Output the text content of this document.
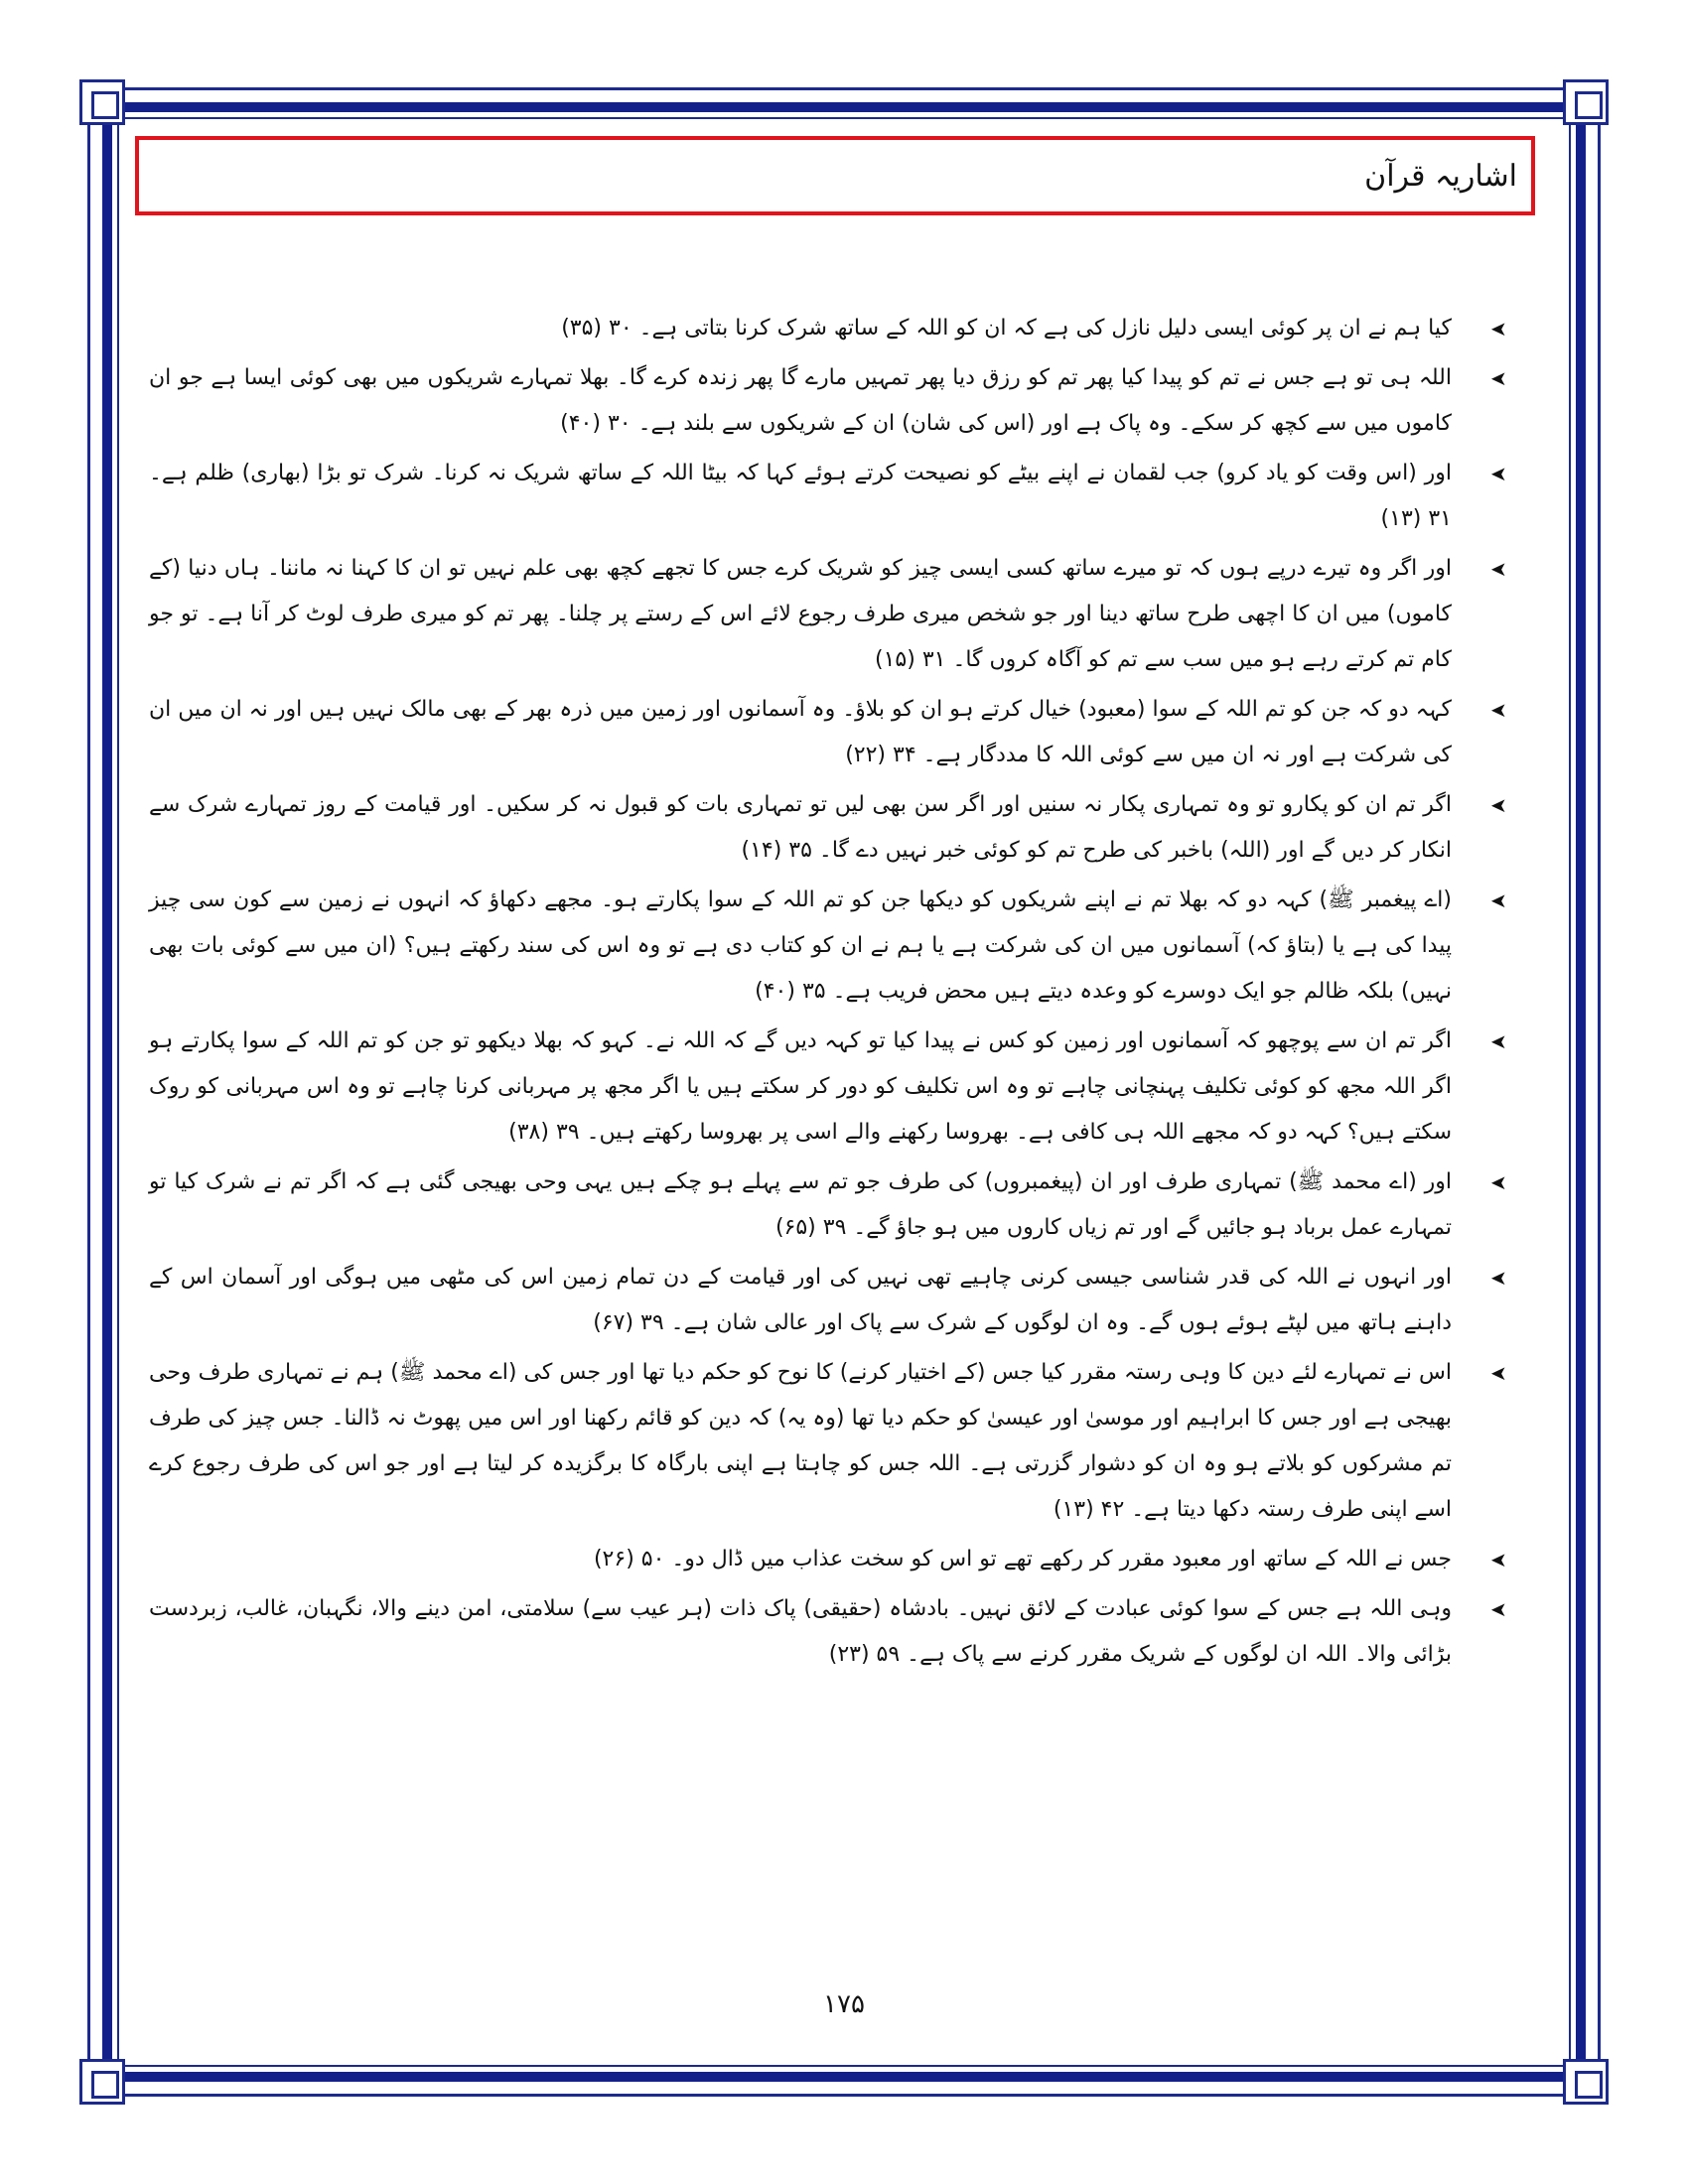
اشاریہ قرآن
➤
کیا ہم نے ان پر کوئی ایسی دلیل نازل کی ہے کہ ان کو اللہ کے ساتھ شرک کرنا بتاتی ہے۔ ۳۰ (۳۵)
➤
اللہ ہی تو ہے جس نے تم کو پیدا کیا پھر تم کو رزق دیا پھر تمہیں مارے گا پھر زندہ کرے گا۔ بھلا تمہارے شریکوں میں بھی کوئی ایسا ہے جو ان کاموں میں سے کچھ کر سکے۔ وہ پاک ہے اور (اس کی شان) ان کے شریکوں سے بلند ہے۔ ۳۰ (۴۰)
➤
اور (اس وقت کو یاد کرو) جب لقمان نے اپنے بیٹے کو نصیحت کرتے ہوئے کہا کہ بیٹا اللہ کے ساتھ شریک نہ کرنا۔ شرک تو بڑا (بھاری) ظلم ہے۔ ۳۱ (۱۳)
➤
اور اگر وہ تیرے درپے ہوں کہ تو میرے ساتھ کسی ایسی چیز کو شریک کرے جس کا تجھے کچھ بھی علم نہیں تو ان کا کہنا نہ ماننا۔ ہاں دنیا (کے کاموں) میں ان کا اچھی طرح ساتھ دینا اور جو شخص میری طرف رجوع لائے اس کے رستے پر چلنا۔ پھر تم کو میری طرف لوٹ کر آنا ہے۔ تو جو کام تم کرتے رہے ہو میں سب سے تم کو آگاہ کروں گا۔ ۳۱ (۱۵)
➤
کہہ دو کہ جن کو تم اللہ کے سوا (معبود) خیال کرتے ہو ان کو بلاؤ۔ وہ آسمانوں اور زمین میں ذرہ بھر کے بھی مالک نہیں ہیں اور نہ ان میں ان کی شرکت ہے اور نہ ان میں سے کوئی اللہ کا مددگار ہے۔ ۳۴ (۲۲)
➤
اگر تم ان کو پکارو تو وہ تمہاری پکار نہ سنیں اور اگر سن بھی لیں تو تمہاری بات کو قبول نہ کر سکیں۔ اور قیامت کے روز تمہارے شرک سے انکار کر دیں گے اور (اللہ) باخبر کی طرح تم کو کوئی خبر نہیں دے گا۔ ۳۵ (۱۴)
➤
(اے پیغمبر ﷺ) کہہ دو کہ بھلا تم نے اپنے شریکوں کو دیکھا جن کو تم اللہ کے سوا پکارتے ہو۔ مجھے دکھاؤ کہ انہوں نے زمین سے کون سی چیز پیدا کی ہے یا (بتاؤ کہ) آسمانوں میں ان کی شرکت ہے یا ہم نے ان کو کتاب دی ہے تو وہ اس کی سند رکھتے ہیں؟ (ان میں سے کوئی بات بھی نہیں) بلکہ ظالم جو ایک دوسرے کو وعدہ دیتے ہیں محض فریب ہے۔ ۳۵ (۴۰)
➤
اگر تم ان سے پوچھو کہ آسمانوں اور زمین کو کس نے پیدا کیا تو کہہ دیں گے کہ اللہ نے۔ کہو کہ بھلا دیکھو تو جن کو تم اللہ کے سوا پکارتے ہو اگر اللہ مجھ کو کوئی تکلیف پہنچانی چاہے تو وہ اس تکلیف کو دور کر سکتے ہیں یا اگر مجھ پر مہربانی کرنا چاہے تو وہ اس مہربانی کو روک سکتے ہیں؟ کہہ دو کہ مجھے اللہ ہی کافی ہے۔ بھروسا رکھنے والے اسی پر بھروسا رکھتے ہیں۔ ۳۹ (۳۸)
➤
اور (اے محمد ﷺ) تمہاری طرف اور ان (پیغمبروں) کی طرف جو تم سے پہلے ہو چکے ہیں یہی وحی بھیجی گئی ہے کہ اگر تم نے شرک کیا تو تمہارے عمل برباد ہو جائیں گے اور تم زیاں کاروں میں ہو جاؤ گے۔ ۳۹ (۶۵)
➤
اور انہوں نے اللہ کی قدر شناسی جیسی کرنی چاہیے تھی نہیں کی اور قیامت کے دن تمام زمین اس کی مٹھی میں ہوگی اور آسمان اس کے داہنے ہاتھ میں لپٹے ہوئے ہوں گے۔ وہ ان لوگوں کے شرک سے پاک اور عالی شان ہے۔ ۳۹ (۶۷)
➤
اس نے تمہارے لئے دین کا وہی رستہ مقرر کیا جس (کے اختیار کرنے) کا نوح کو حکم دیا تھا اور جس کی (اے محمد ﷺ) ہم نے تمہاری طرف وحی بھیجی ہے اور جس کا ابراہیم اور موسیٰ اور عیسیٰ کو حکم دیا تھا (وہ یہ) کہ دین کو قائم رکھنا اور اس میں پھوٹ نہ ڈالنا۔ جس چیز کی طرف تم مشرکوں کو بلاتے ہو وہ ان کو دشوار گزرتی ہے۔ اللہ جس کو چاہتا ہے اپنی بارگاہ کا برگزیدہ کر لیتا ہے اور جو اس کی طرف رجوع کرے اسے اپنی طرف رستہ دکھا دیتا ہے۔ ۴۲ (۱۳)
➤
جس نے اللہ کے ساتھ اور معبود مقرر کر رکھے تھے تو اس کو سخت عذاب میں ڈال دو۔ ۵۰ (۲۶)
➤
وہی اللہ ہے جس کے سوا کوئی عبادت کے لائق نہیں۔ بادشاہ (حقیقی) پاک ذات (ہر عیب سے) سلامتی، امن دینے والا، نگہبان، غالب، زبردست بڑائی والا۔ اللہ ان لوگوں کے شریک مقرر کرنے سے پاک ہے۔ ۵۹ (۲۳)
۱۷۵
